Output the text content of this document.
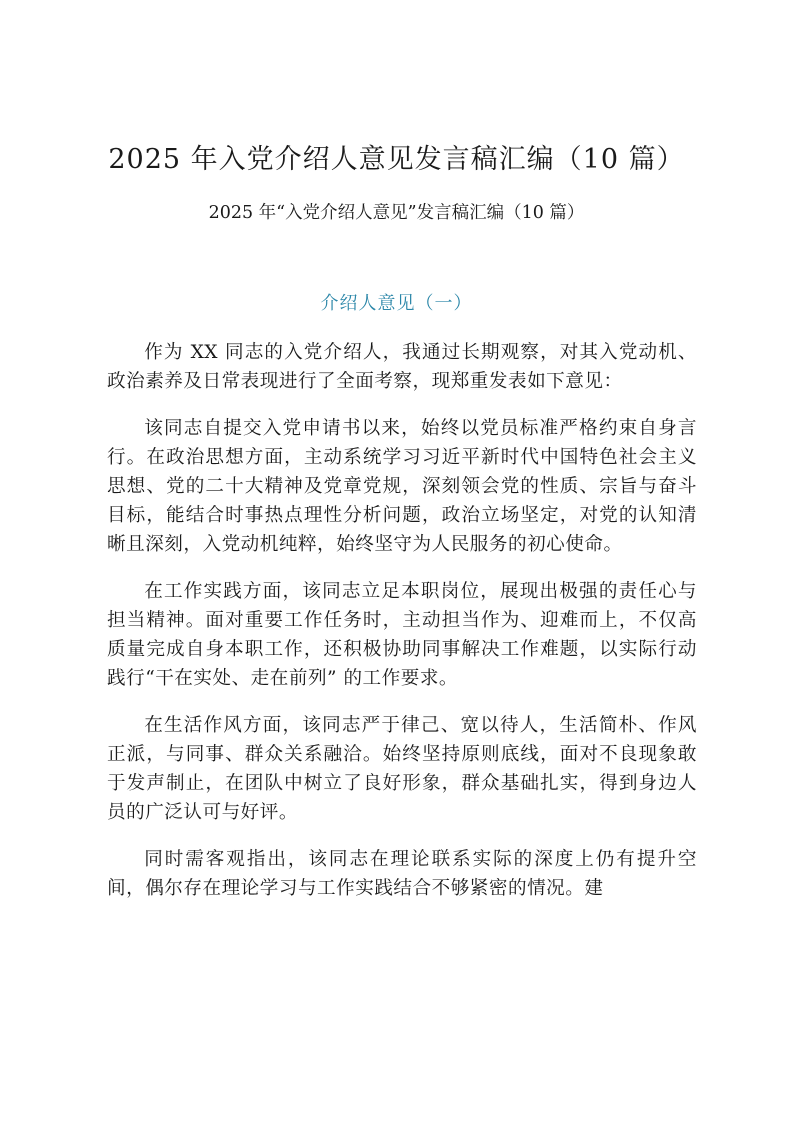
2025 年入党介绍人意见发言稿汇编（10 篇）
2025 年“入党介绍人意见”发言稿汇编（10 篇）
介绍人意见（一）

作为 XX 同志的入党介绍人，我通过长期观察，对其入党动机、政治素养及日常表现进行了全面考察，现郑重发表如下意见：

该同志自提交入党申请书以来，始终以党员标准严格约束自身言行。在政治思想方面，主动系统学习习近平新时代中国特色社会主义思想、党的二十大精神及党章党规，深刻领会党的性质、宗旨与奋斗目标，能结合时事热点理性分析问题，政治立场坚定，对党的认知清晰且深刻，入党动机纯粹，始终坚守为人民服务的初心使命。

在工作实践方面，该同志立足本职岗位，展现出极强的责任心与担当精神。面对重要工作任务时，主动担当作为、迎难而上，不仅高质量完成自身本职工作，还积极协助同事解决工作难题，以实际行动践行“干在实处、走在前列” 的工作要求。

在生活作风方面，该同志严于律己、宽以待人，生活简朴、作风正派，与同事、群众关系融洽。始终坚持原则底线，面对不良现象敢于发声制止，在团队中树立了良好形象，群众基础扎实，得到身边人员的广泛认可与好评。

同时需客观指出，该同志在理论联系实际的深度上仍有提升空间，偶尔存在理论学习与工作实践结合不够紧密的情况。建
